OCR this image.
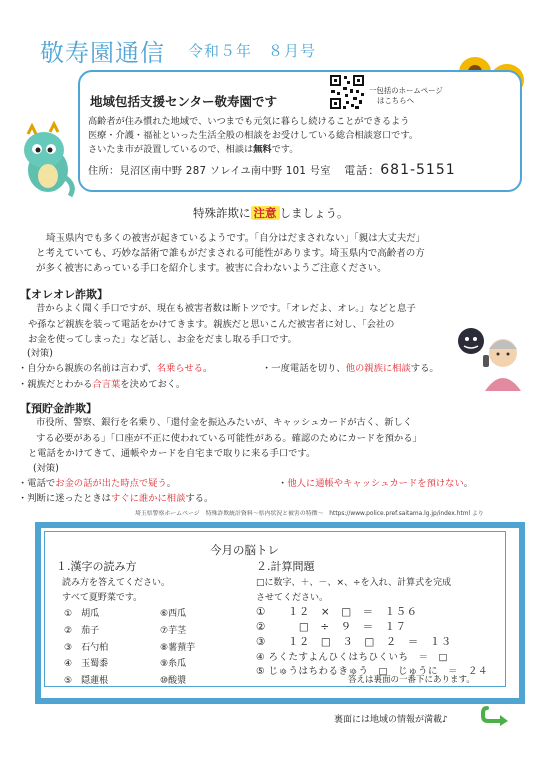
敬寿園通信 令和５年　８月号
地域包括支援センター敬寿園です
一包括のホームページ
はこちらへ
高齢者が住み慣れた地域で、いつまでも元気に暮らし続けることができるよう
医療・介護・福祉といった生活全般の相談をお受けしている総合相談窓口です。
さいたま市が設置しているので、相談は無料です。
住所：見沼区南中野 287 ソレイユ南中野 101 号室 電話：681-5151
特殊詐欺に 注意 しましょう。
埼玉県内でも多くの被害が起きているようです。「自分はだまされない」「親は大丈夫だ」
と考えていても、巧妙な話術で誰もがだまされる可能性があります。埼玉県内で高齢者の方
が多く被害にあっている手口を紹介します。被害に合わないようご注意ください。
【オレオレ詐欺】
昔からよく聞く手口ですが、現在も被害者数は断トツです。「オレだよ、オレ。」などと息子
や孫など親族を装って電話をかけてきます。親族だと思いこんだ被害者に対し、「会社の
お金を使ってしまった」など話し、お金をだまし取る手口です。
(対策)
・自分から親族の名前は言わず、名乗らせる。	・一度電話を切り、他の親族に相談する。
・親族だとわかる合言葉を決めておく。
【預貯金詐欺】
市役所、警察、銀行を名乗り、「還付金を振込みたいが、キャッシュカードが古く、新しく
する必要がある」「口座が不正に使われている可能性がある。確認のためにカードを預かる」
と電話をかけてきて、通帳やカードを自宅まで取りに来る手口です。
(対策)
・電話でお金の話が出た時点で疑う。	・他人に通帳やキャッシュカードを預けない。
・判断に迷ったときはすぐに誰かに相談する。
埼玉県警察ホームページ　特殊詐欺統計資料～県内状況と被害の特徴～　https://www.police.pref.saitama.lg.jp/index.html より
今月の脳トレ
１.漢字の読み方
読み方を答えてください。
すべて夏野菜です。
①　胡瓜
②　茄子
③　石勺柏
④　玉蜀黍
⑤　隠蓮根
⑥西瓜
⑦芋茎
⑧薯蕷芋
⑨糸瓜
⑩酸漿
２.計算問題
□に数字、＋、－、×、÷を入れ、計算式を完成
させてください。
①　　１２　×　□　＝　１５６
②　　　□　÷　９　＝　１７
③　　１２　□　３　□　２　＝　１３
④ ろくたすよんひくはちひくいち　＝　□
⑤ じゅうはちわるきゅう　□　じゅうに　＝　２４
答えは裏面の一番下にあります。
裏面には地域の情報が満載♪
